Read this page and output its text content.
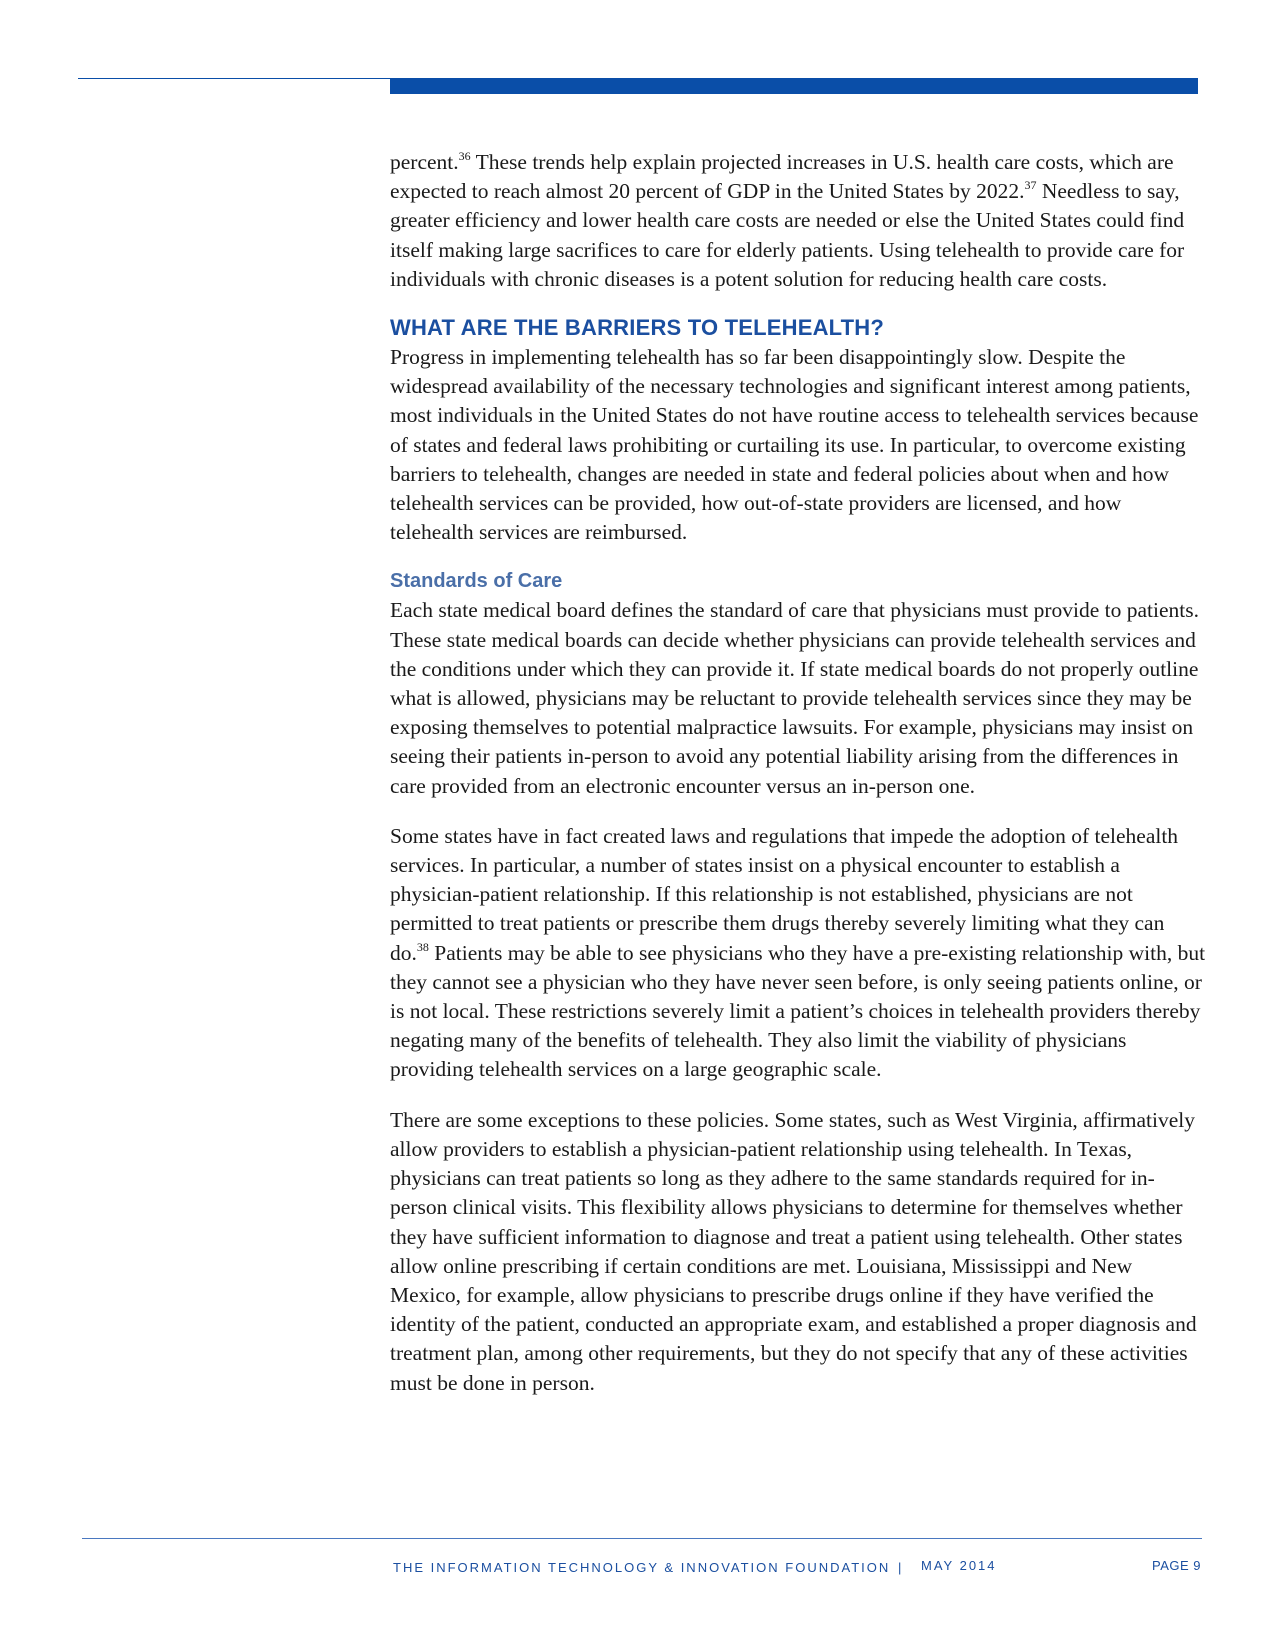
percent.$^{36}$ These trends help explain projected increases in U.S. health care costs, which are expected to reach almost 20 percent of GDP in the United States by 2022.37 Needless to say, greater efficiency and lower health care costs are needed or else the United States could find itself making large sacrifices to care for elderly patients. Using telehealth to provide care for individuals with chronic diseases is a potent solution for reducing health care costs.

WHAT ARE THE BARRIERS TO TELEHEALTH?

Progress in implementing telehealth has so far been disappointingly slow. Despite the widespread availability of the necessary technologies and significant interest among patients, most individuals in the United States do not have routine access to telehealth services because of states and federal laws prohibiting or curtailing its use. In particular, to overcome existing barriers to telehealth, changes are needed in state and federal policies about when and how telehealth services can be provided, how out-of-state providers are licensed, and how telehealth services are reimbursed.

Standards of Care

Each state medical board defines the standard of care that physicians must provide to patients. These state medical boards can decide whether physicians can provide telehealth services and the conditions under which they can provide it. If state medical boards do not properly outline what is allowed, physicians may be reluctant to provide telehealth services since they may be exposing themselves to potential malpractice lawsuits. For example, physicians may insist on seeing their patients in-person to avoid any potential liability arising from the differences in care provided from an electronic encounter versus an in-person one.

Some states have in fact created laws and regulations that impede the adoption of telehealth services. In particular, a number of states insist on a physical encounter to establish a physician-patient relationship. If this relationship is not established, physicians are not permitted to treat patients or prescribe them drugs thereby severely limiting what they can do.$^{38}$ Patients may be able to see physicians who they have a pre-existing relationship with, but they cannot see a physician who they have never seen before, is only seeing patients online, or is not local. These restrictions severely limit a patient’s choices in telehealth providers thereby negating many of the benefits of telehealth. They also limit the viability of physicians providing telehealth services on a large geographic scale.

There are some exceptions to these policies. Some states, such as West Virginia, affirmatively allow providers to establish a physician-patient relationship using telehealth. In Texas, physicians can treat patients so long as they adhere to the same standards required for in-person clinical visits. This flexibility allows physicians to determine for themselves whether they have sufficient information to diagnose and treat a patient using telehealth. Other states allow online prescribing if certain conditions are met. Louisiana, Mississippi and New Mexico, for example, allow physicians to prescribe drugs online if they have verified the identity of the patient, conducted an appropriate exam, and established a proper diagnosis and treatment plan, among other requirements, but they do not specify that any of these activities must be done in person.

THE INFORMATION TECHNOLOGY & INNOVATION FOUNDATION | MAY 2014	PAGE 9
